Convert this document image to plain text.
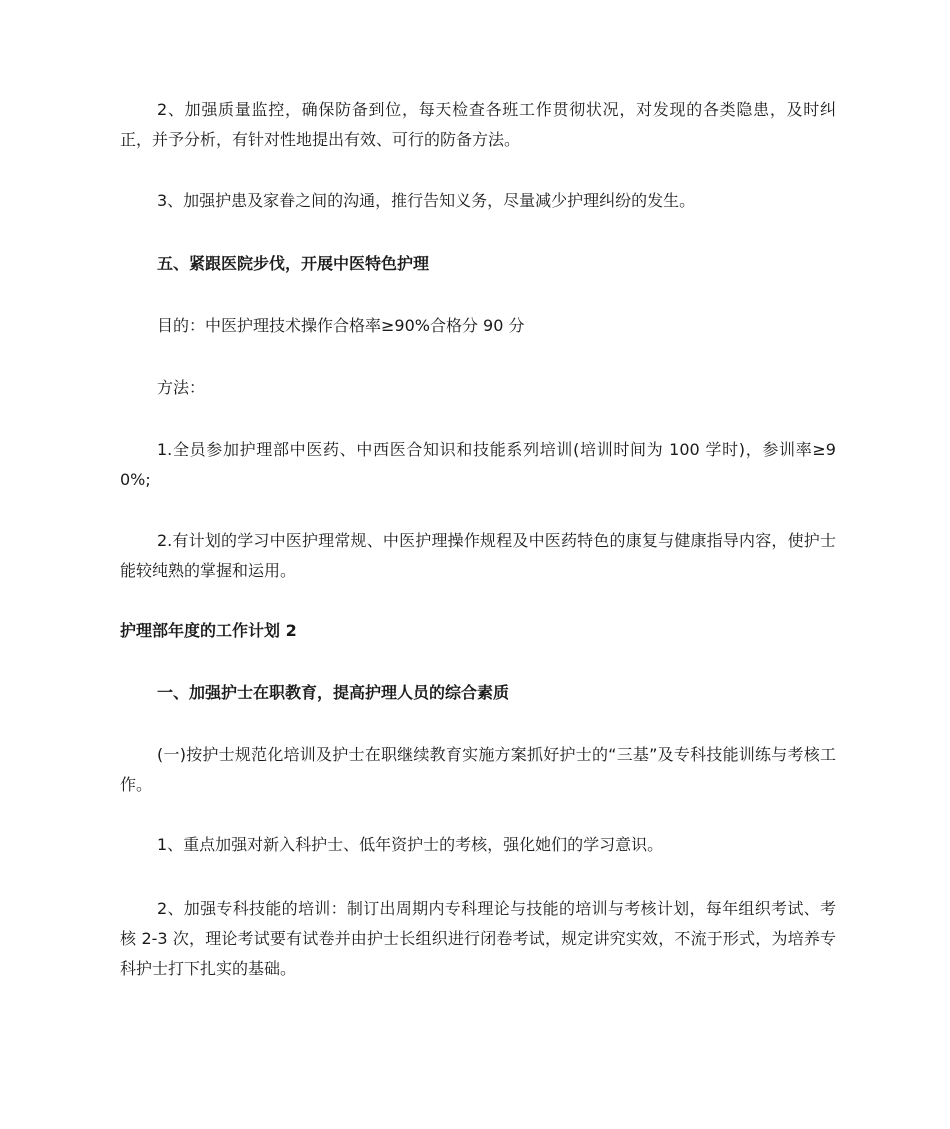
2、加强质量监控，确保防备到位，每天检查各班工作贯彻状况，对发现的各类隐患，及时纠正，并予分析，有针对性地提出有效、可行的防备方法。

3、加强护患及家眷之间的沟通，推行告知义务，尽量减少护理纠纷的发生。

五、紧跟医院步伐，开展中医特色护理

目的：中医护理技术操作合格率≥90%合格分 90 分

方法：

1.全员参加护理部中医药、中西医合知识和技能系列培训(培训时间为 100 学时)，参训率≥90%;

2.有计划的学习中医护理常规、中医护理操作规程及中医药特色的康复与健康指导内容，使护士能较纯熟的掌握和运用。

护理部年度的工作计划 2

一、加强护士在职教育，提高护理人员的综合素质

(一)按护士规范化培训及护士在职继续教育实施方案抓好护士的“三基”及专科技能训练与考核工作。

1、重点加强对新入科护士、低年资护士的考核，强化她们的学习意识。

2、加强专科技能的培训：制订出周期内专科理论与技能的培训与考核计划，每年组织考试、考核 2-3 次，理论考试要有试卷并由护士长组织进行闭卷考试，规定讲究实效，不流于形式，为培养专科护士打下扎实的基础。
